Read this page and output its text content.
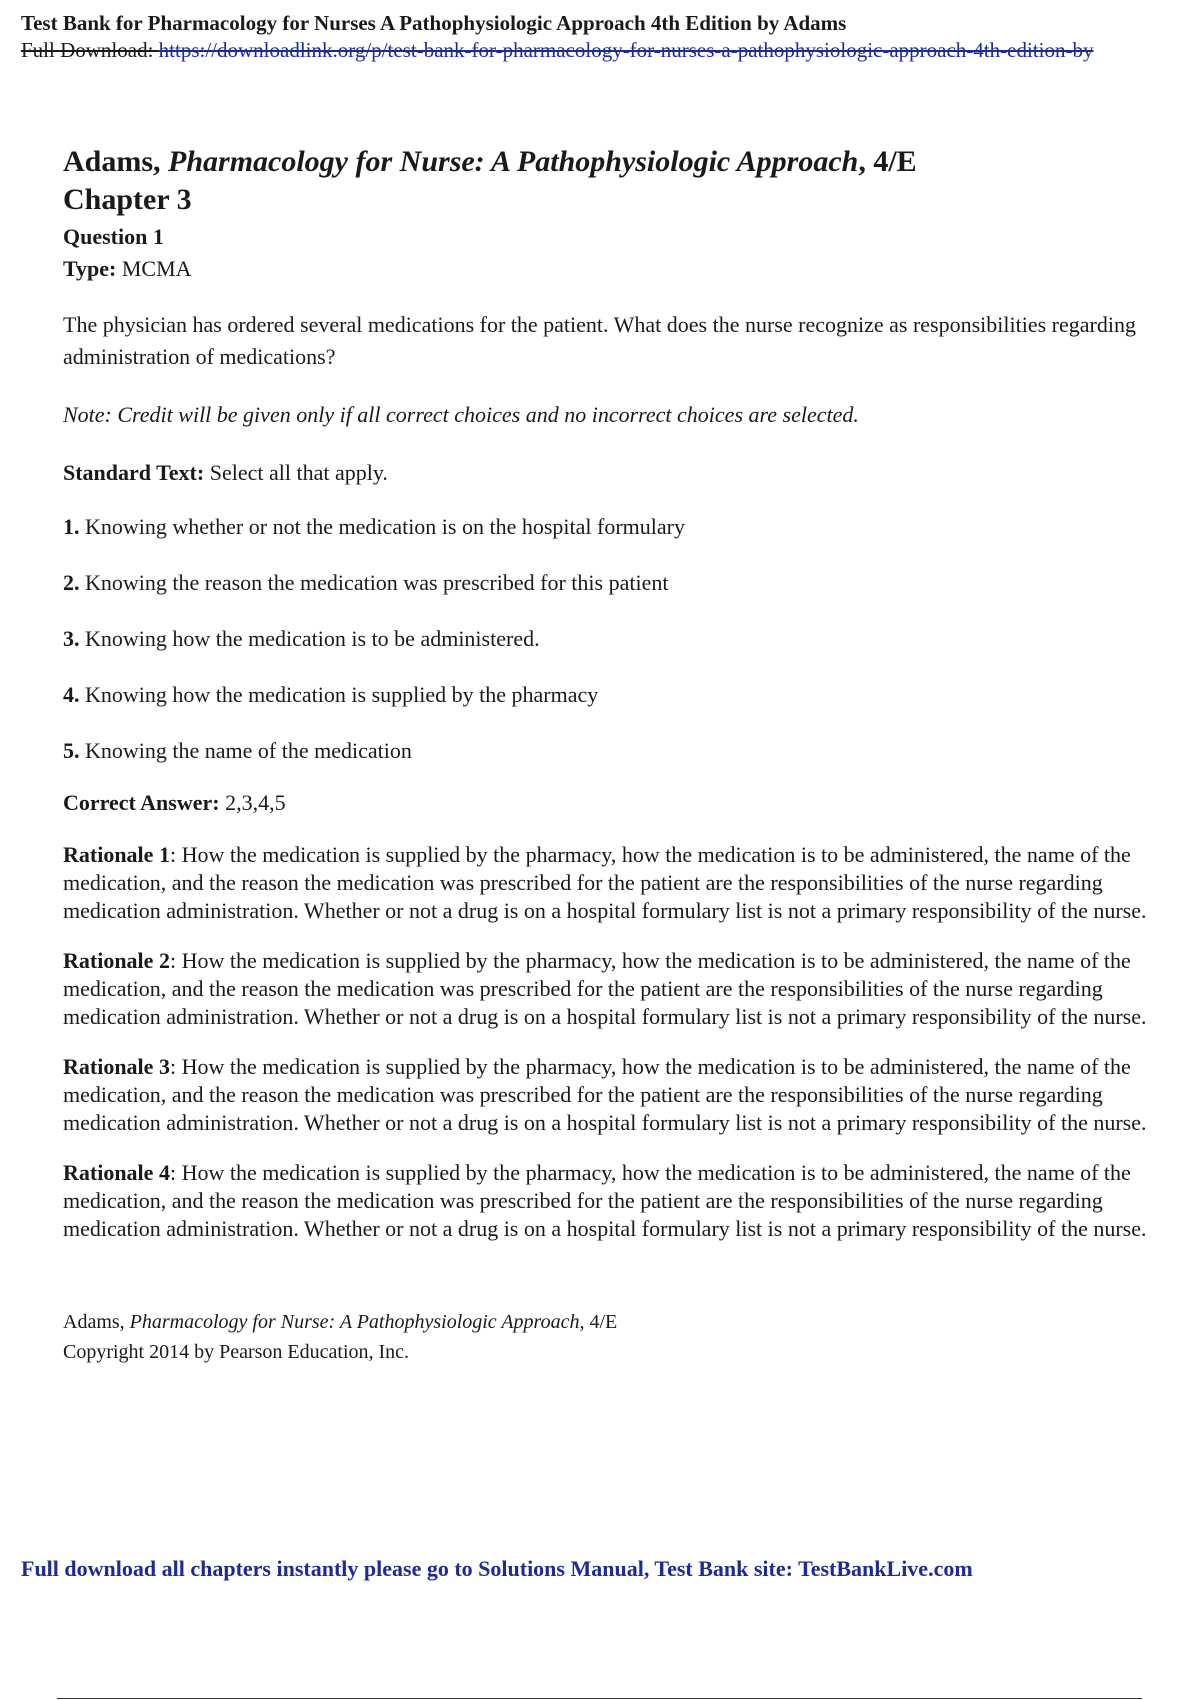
Test Bank for Pharmacology for Nurses A Pathophysiologic Approach 4th Edition by Adams
Full Download: https://downloadlink.org/p/test-bank-for-pharmacology-for-nurses-a-pathophysiologic-approach-4th-edition-by
Adams, Pharmacology for Nurse: A Pathophysiologic Approach, 4/E
Chapter 3
Question 1
Type: MCMA
The physician has ordered several medications for the patient. What does the nurse recognize as responsibilities regarding administration of medications?
Note: Credit will be given only if all correct choices and no incorrect choices are selected.
Standard Text: Select all that apply.
1. Knowing whether or not the medication is on the hospital formulary
2. Knowing the reason the medication was prescribed for this patient
3. Knowing how the medication is to be administered.
4. Knowing how the medication is supplied by the pharmacy
5. Knowing the name of the medication
Correct Answer: 2,3,4,5
Rationale 1: How the medication is supplied by the pharmacy, how the medication is to be administered, the name of the medication, and the reason the medication was prescribed for the patient are the responsibilities of the nurse regarding medication administration. Whether or not a drug is on a hospital formulary list is not a primary responsibility of the nurse.
Rationale 2: How the medication is supplied by the pharmacy, how the medication is to be administered, the name of the medication, and the reason the medication was prescribed for the patient are the responsibilities of the nurse regarding medication administration. Whether or not a drug is on a hospital formulary list is not a primary responsibility of the nurse.
Rationale 3: How the medication is supplied by the pharmacy, how the medication is to be administered, the name of the medication, and the reason the medication was prescribed for the patient are the responsibilities of the nurse regarding medication administration. Whether or not a drug is on a hospital formulary list is not a primary responsibility of the nurse.
Rationale 4: How the medication is supplied by the pharmacy, how the medication is to be administered, the name of the medication, and the reason the medication was prescribed for the patient are the responsibilities of the nurse regarding medication administration. Whether or not a drug is on a hospital formulary list is not a primary responsibility of the nurse.
Adams, Pharmacology for Nurse: A Pathophysiologic Approach, 4/E
Copyright 2014 by Pearson Education, Inc.
Full download all chapters instantly please go to Solutions Manual, Test Bank site: TestBankLive.com
